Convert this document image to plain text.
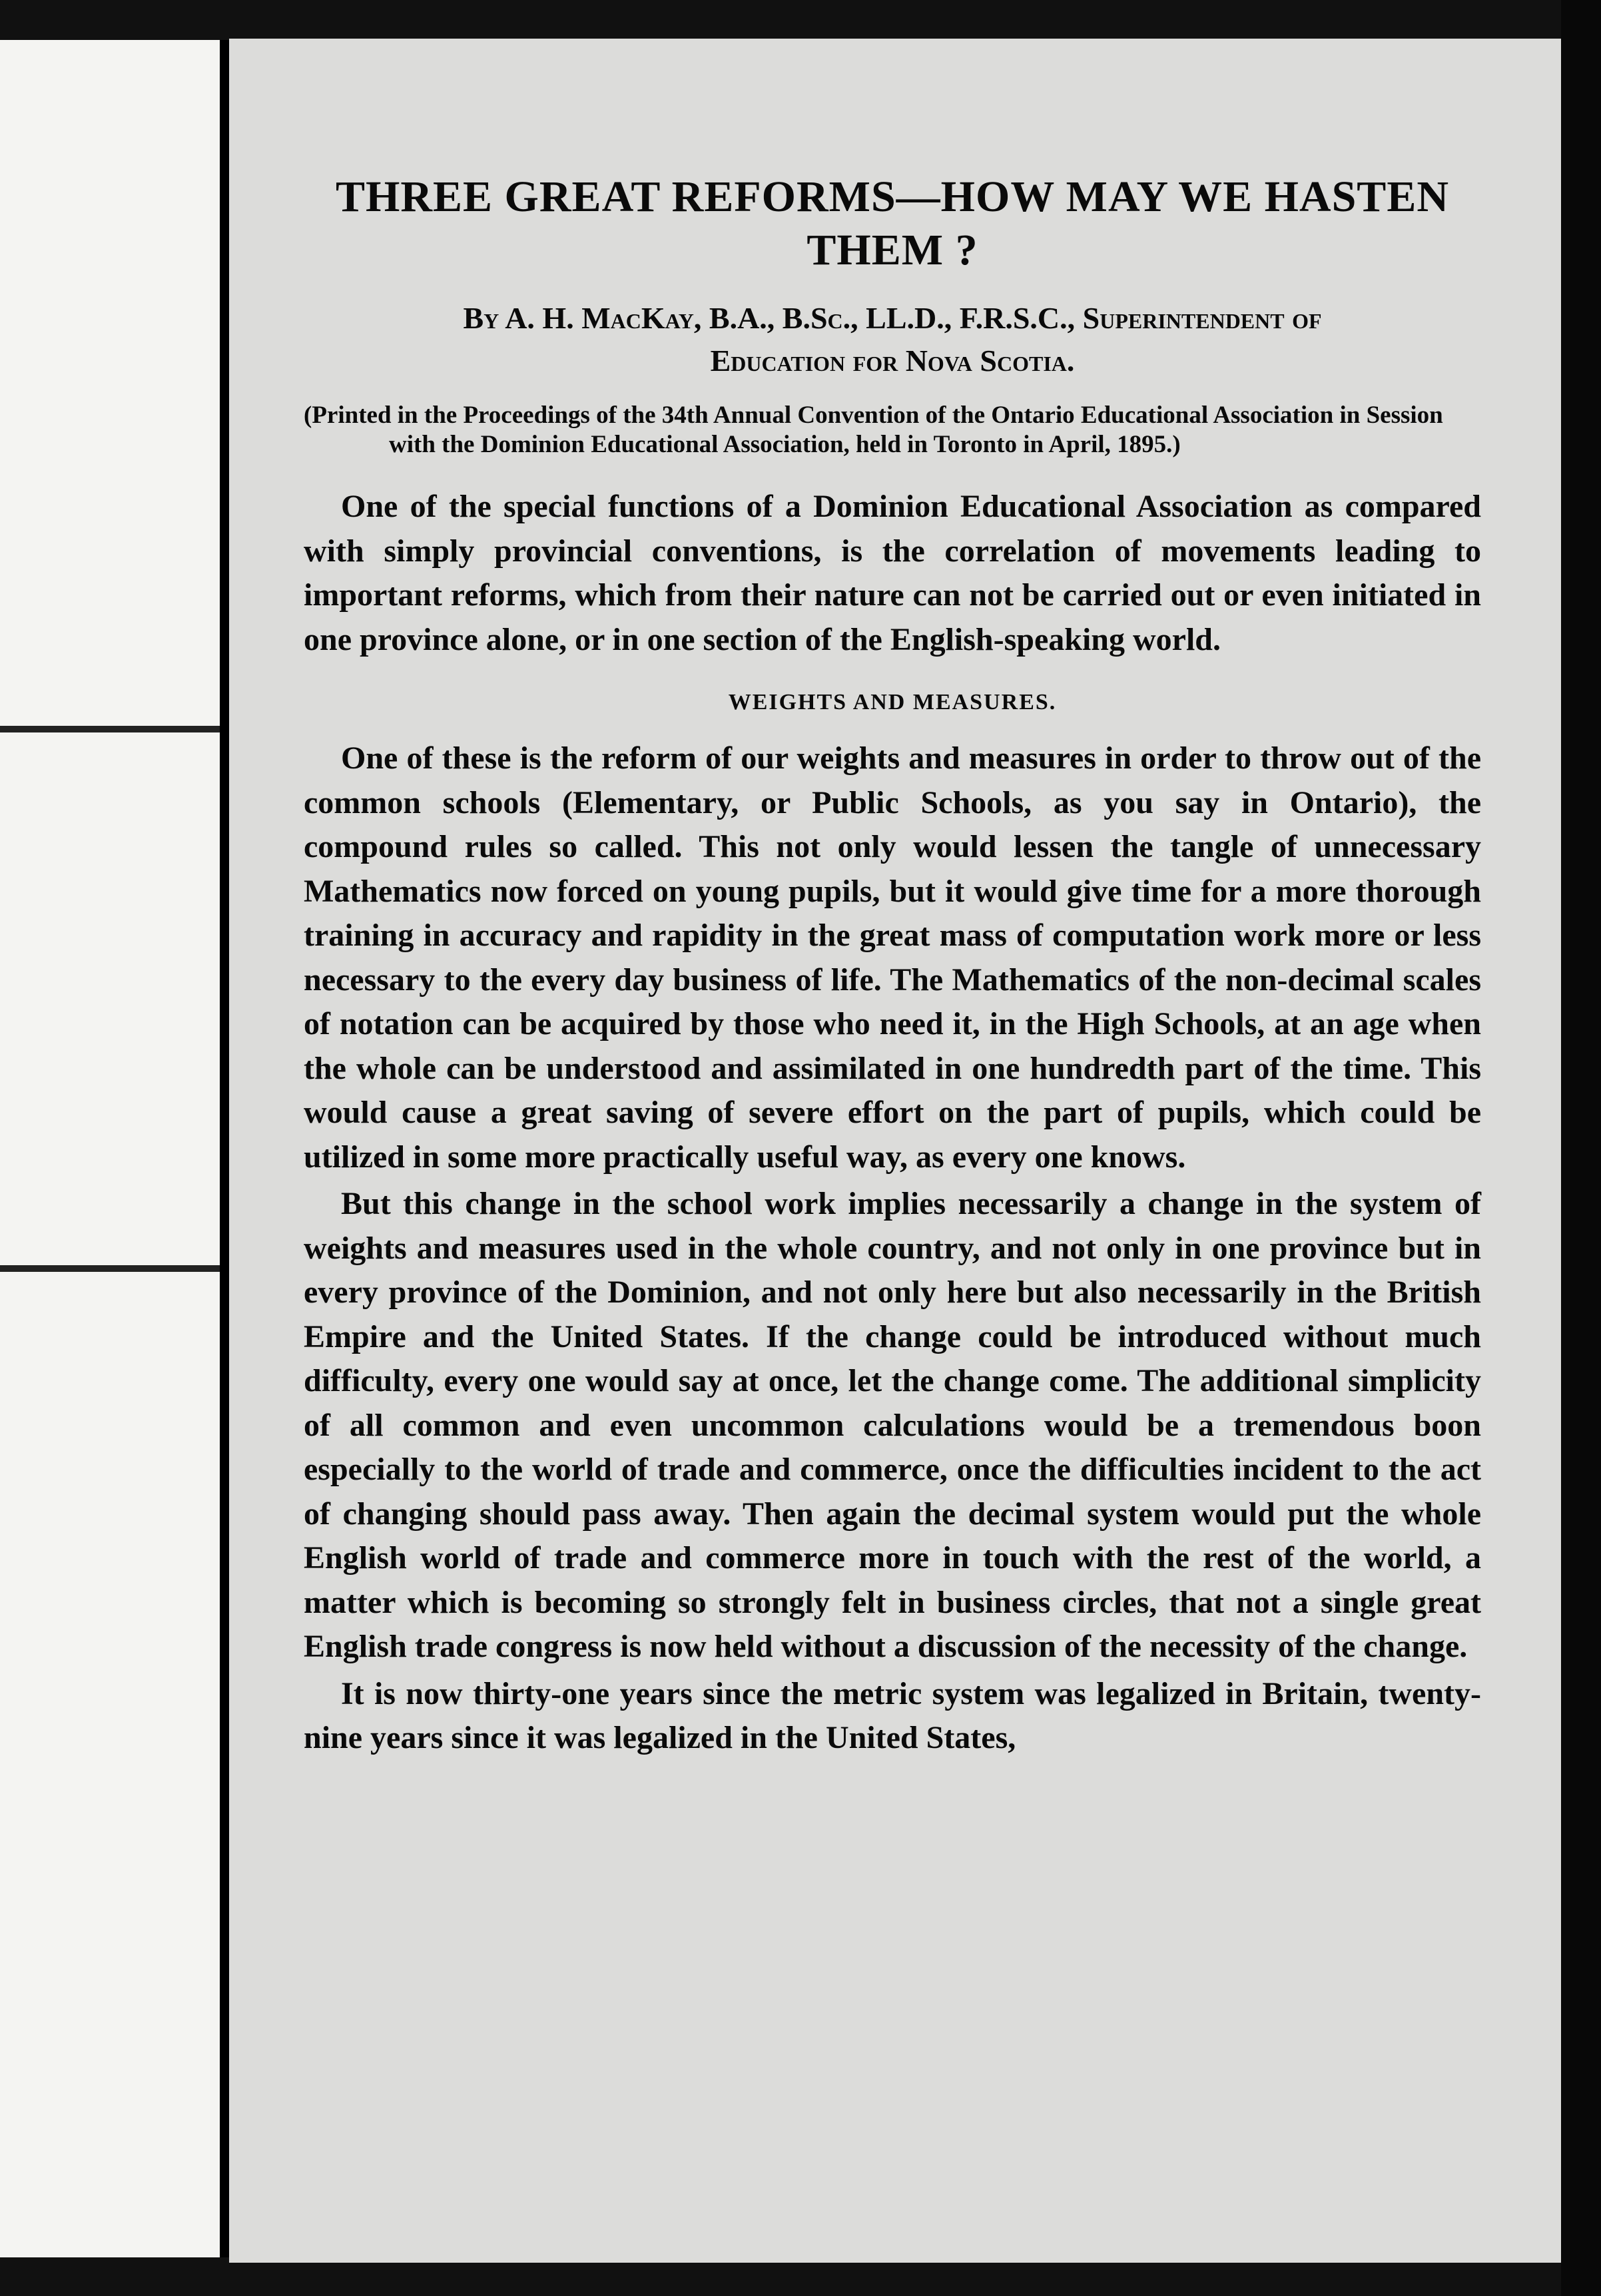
THREE GREAT REFORMS—HOW MAY WE HASTEN THEM ?
By A. H. MacKay, B.A., B.Sc., LL.D., F.R.S.C., Superintendent of
Education for Nova Scotia.
(Printed in the Proceedings of the 34th Annual Convention of the Ontario Educational Association in Session with the Dominion Educational Association, held in Toronto in April, 1895.)

One of the special functions of a Dominion Educational Association as compared with simply provincial conventions, is the correlation of movements leading to important reforms, which from their nature can not be carried out or even initiated in one province alone, or in one section of the English-speaking world.

WEIGHTS AND MEASURES.

One of these is the reform of our weights and measures in order to throw out of the common schools (Elementary, or Public Schools, as you say in Ontario), the compound rules so called. This not only would lessen the tangle of unnecessary Mathematics now forced on young pupils, but it would give time for a more thorough training in accuracy and rapidity in the great mass of computation work more or less necessary to the every day business of life. The Mathematics of the non-decimal scales of notation can be acquired by those who need it, in the High Schools, at an age when the whole can be understood and assimilated in one hundredth part of the time. This would cause a great saving of severe effort on the part of pupils, which could be utilized in some more practically useful way, as every one knows.

But this change in the school work implies necessarily a change in the system of weights and measures used in the whole country, and not only in one province but in every province of the Dominion, and not only here but also necessarily in the British Empire and the United States. If the change could be introduced without much difficulty, every one would say at once, let the change come. The additional simplicity of all common and even uncommon calculations would be a tremendous boon especially to the world of trade and commerce, once the difficulties incident to the act of changing should pass away. Then again the decimal system would put the whole English world of trade and commerce more in touch with the rest of the world, a matter which is becoming so strongly felt in business circles, that not a single great English trade congress is now held without a discussion of the necessity of the change.

It is now thirty-one years since the metric system was legalized in Britain, twenty-nine years since it was legalized in the United States,
